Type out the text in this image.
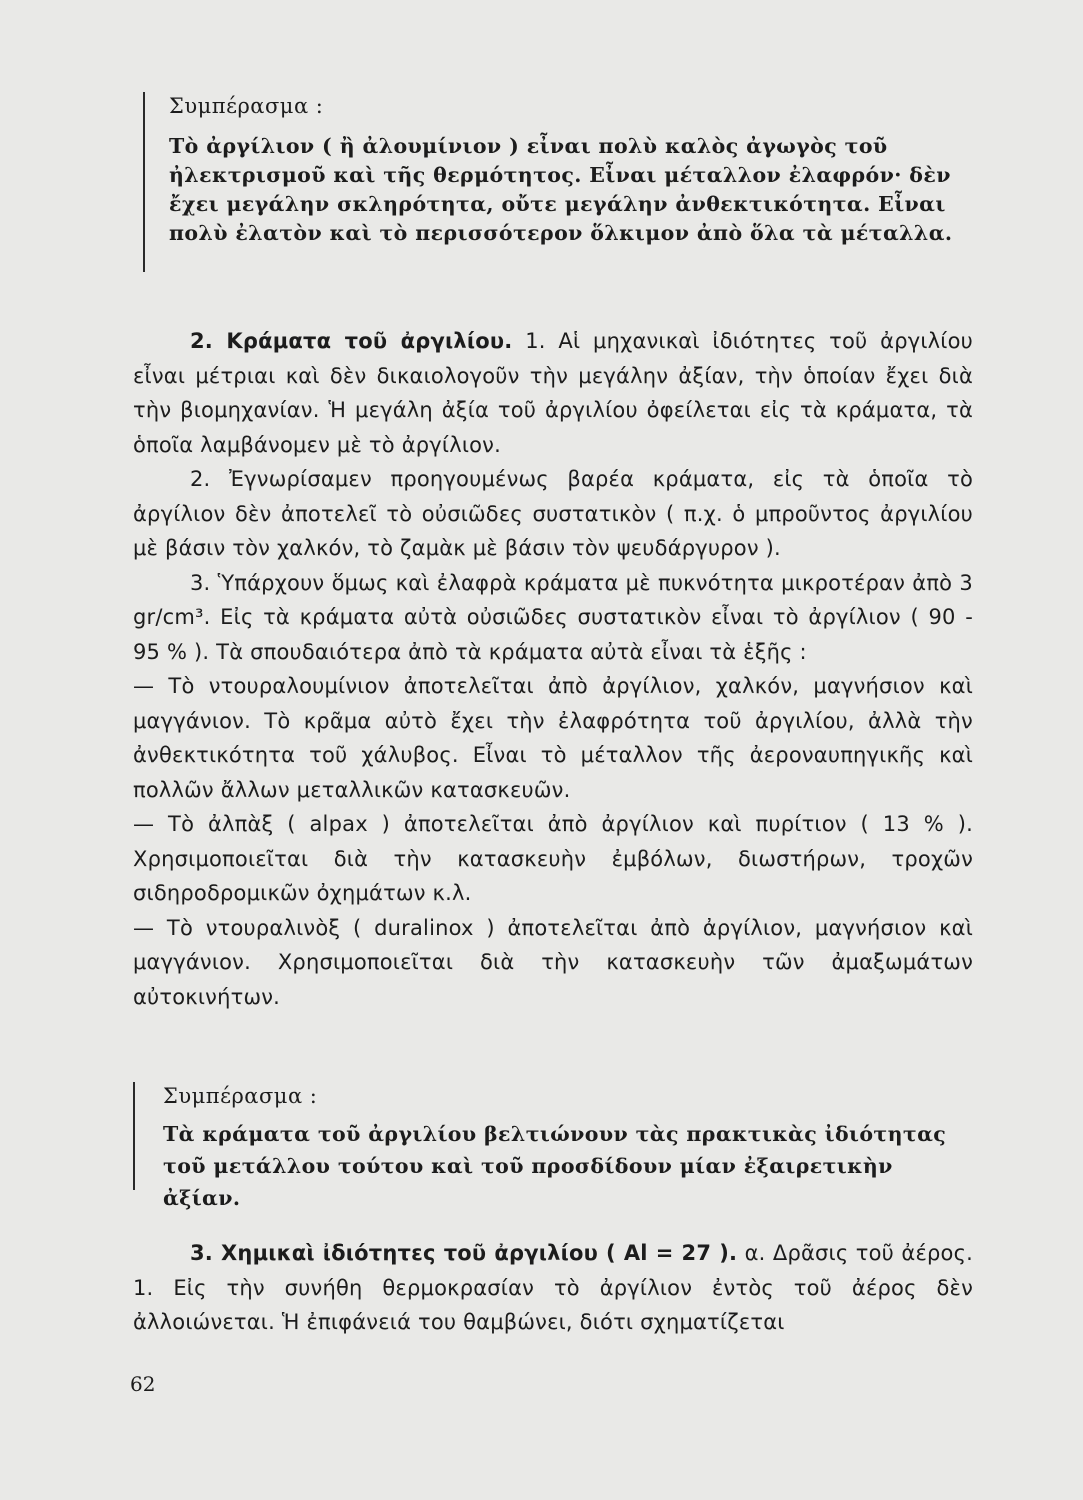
Συμπέρασμα :
Τὸ ἀργίλιον ( ἢ ἀλουμίνιον ) εἶναι πολὺ καλὸς ἀγωγὸς τοῦ ἠλεκτρισμοῦ καὶ τῆς θερμότητος. Εἶναι μέταλλον ἐλαφρόν· δὲν ἔχει μεγάλην σκληρότητα, οὔτε μεγάλην ἀνθεκτικότητα. Εἶναι πολὺ ἐλατὸν καὶ τὸ περισσότερον ὅλκιμον ἀπὸ ὅλα τὰ μέταλλα.

2. Κράματα τοῦ ἀργιλίου. 1. Αἱ μηχανικαὶ ἰδιότητες τοῦ ἀργιλίου εἶναι μέτριαι καὶ δὲν δικαιολογοῦν τὴν μεγάλην ἀξίαν, τὴν ὁποίαν ἔχει διὰ τὴν βιομηχανίαν. Ἡ μεγάλη ἀξία τοῦ ἀργιλίου ὀφείλεται εἰς τὰ κράματα, τὰ ὁποῖα λαμβάνομεν μὲ τὸ ἀργίλιον.

2. Ἐγνωρίσαμεν προηγουμένως βαρέα κράματα, εἰς τὰ ὁποῖα τὸ ἀργίλιον δὲν ἀποτελεῖ τὸ οὐσιῶδες συστατικὸν ( π.χ. ὁ μπροῦντος ἀργιλίου μὲ βάσιν τὸν χαλκόν, τὸ ζαμὰκ μὲ βάσιν τὸν ψευδάργυρον ).

3. Ὑπάρχουν ὅμως καὶ ἐλαφρὰ κράματα μὲ πυκνότητα μικροτέραν ἀπὸ 3 gr/cm³. Εἰς τὰ κράματα αὐτὰ οὐσιῶδες συστατικὸν εἶναι τὸ ἀργίλιον ( 90 - 95 % ). Τὰ σπουδαιότερα ἀπὸ τὰ κράματα αὐτὰ εἶναι τὰ ἑξῆς :

— Τὸ ντουραλουμίνιον ἀποτελεῖται ἀπὸ ἀργίλιον, χαλκόν, μαγνήσιον καὶ μαγγάνιον. Τὸ κρᾶμα αὐτὸ ἔχει τὴν ἐλαφρότητα τοῦ ἀργιλίου, ἀλλὰ τὴν ἀνθεκτικότητα τοῦ χάλυβος. Εἶναι τὸ μέταλλον τῆς ἀεροναυπηγικῆς καὶ πολλῶν ἄλλων μεταλλικῶν κατασκευῶν.

— Τὸ ἀλπὰξ ( alpax ) ἀποτελεῖται ἀπὸ ἀργίλιον καὶ πυρίτιον ( 13 % ). Χρησιμοποιεῖται διὰ τὴν κατασκευὴν ἐμβόλων, διωστήρων, τροχῶν σιδηροδρομικῶν ὀχημάτων κ.λ.

— Τὸ ντουραλινὸξ ( duralinox ) ἀποτελεῖται ἀπὸ ἀργίλιον, μαγνήσιον καὶ μαγγάνιον. Χρησιμοποιεῖται διὰ τὴν κατασκευὴν τῶν ἀμαξωμάτων αὐτοκινήτων.

Συμπέρασμα :
Τὰ κράματα τοῦ ἀργιλίου βελτιώνουν τὰς πρακτικὰς ἰδιότητας τοῦ μετάλλου τούτου καὶ τοῦ προσδίδουν μίαν ἐξαιρετικὴν ἀξίαν.

3. Χημικαὶ ἰδιότητες τοῦ ἀργιλίου ( Al = 27 ). α. Δρᾶσις τοῦ ἀέρος. 1. Εἰς τὴν συνήθη θερμοκρασίαν τὸ ἀργίλιον ἐντὸς τοῦ ἀέρος δὲν ἀλλοιώνεται. Ἡ ἐπιφάνειά του θαμβώνει, διότι σχηματίζεται

62
